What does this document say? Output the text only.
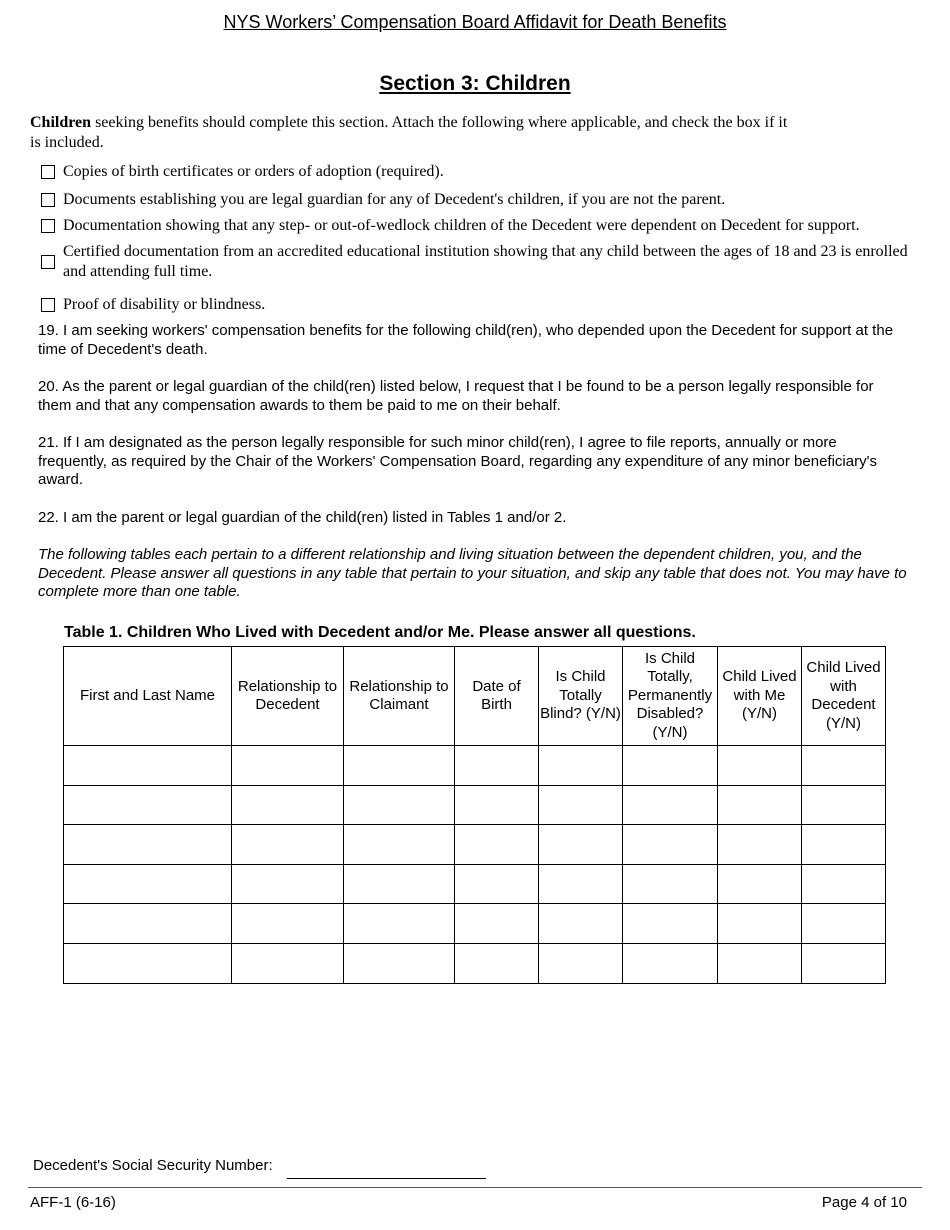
NYS Workers’ Compensation Board Affidavit for Death Benefits
Section 3: Children
Children seeking benefits should complete this section. Attach the following where applicable, and check the box if it is included.
Copies of birth certificates or orders of adoption (required).
Documents establishing you are legal guardian for any of Decedent's children, if you are not the parent.
Documentation showing that any step- or out-of-wedlock children of the Decedent were dependent on Decedent for support.
Certified documentation from an accredited educational institution showing that any child between the ages of 18 and 23 is enrolled and attending full time.
Proof of disability or blindness.
19. I am seeking workers' compensation benefits for the following child(ren), who depended upon the Decedent for support at the time of Decedent's death.
20. As the parent or legal guardian of the child(ren) listed below, I request that I be found to be a person legally responsible for them and that any compensation awards to them be paid to me on their behalf.
21. If I am designated as the person legally responsible for such minor child(ren), I agree to file reports, annually or more frequently, as required by the Chair of the Workers' Compensation Board, regarding any expenditure of any minor beneficiary's award.
22. I am the parent or legal guardian of the child(ren) listed in Tables 1 and/or 2.
The following tables each pertain to a different relationship and living situation between the dependent children, you, and the Decedent. Please answer all questions in any table that pertain to your situation, and skip any table that does not. You may have to complete more than one table.
Table 1. Children Who Lived with Decedent and/or Me. Please answer all questions.
First and Last Name	Relationship to Decedent	Relationship to Claimant	Date of Birth	Is Child Totally Blind? (Y/N)	Is Child Totally, Permanently Disabled? (Y/N)	Child Lived with Me (Y/N)	Child Lived with Decedent (Y/N)

Decedent's Social Security Number:
AFF-1 (6-16)	Page 4 of 10
